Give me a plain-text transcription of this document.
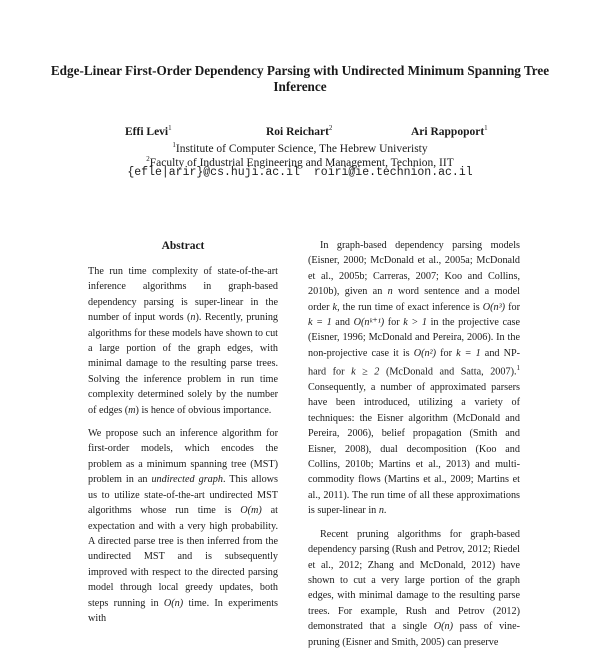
Edge-Linear First-Order Dependency Parsing with Undirected Minimum Spanning Tree Inference
Effi Levi$^1$	Roi Reichart$^2$	Ari Rappoport$^1$
$^1$Institute of Computer Science, The Hebrew Univeristy
$^2$Faculty of Industrial Engineering and Management, Technion, IIT
{efle|arir}@cs.huji.ac.il roiri@ie.technion.ac.il
Abstract

The run time complexity of state-of-the-art inference algorithms in graph-based dependency parsing is super-linear in the number of input words (n). Recently, pruning algorithms for these models have shown to cut a large portion of the graph edges, with minimal damage to the resulting parse trees. Solving the inference problem in run time complexity determined solely by the number of edges (m) is hence of obvious importance.

We propose such an inference algorithm for first-order models, which encodes the problem as a minimum spanning tree (MST) problem in an undirected graph. This allows us to utilize state-of-the-art undirected MST algorithms whose run time is O(m) at expectation and with a very high probability. A directed parse tree is then inferred from the undirected MST and is subsequently improved with respect to the directed parsing model through local greedy updates, both steps running in O(n) time. In experiments with

In graph-based dependency parsing models (Eisner, 2000; McDonald et al., 2005a; McDonald et al., 2005b; Carreras, 2007; Koo and Collins, 2010b), given an n word sentence and a model order k, the run time of exact inference is O(n³) for k = 1 and O(nᵏ⁺¹) for k > 1 in the projective case (Eisner, 1996; McDonald and Pereira, 2006). In the non-projective case it is O(n²) for k = 1 and NP-hard for k ≥ 2 (McDonald and Satta, 2007).$^1$ Consequently, a number of approximated parsers have been introduced, utilizing a variety of techniques: the Eisner algorithm (McDonald and Pereira, 2006), belief propagation (Smith and Eisner, 2008), dual decomposition (Koo and Collins, 2010b; Martins et al., 2013) and multi-commodity flows (Martins et al., 2009; Martins et al., 2011). The run time of all these approximations is super-linear in n.

Recent pruning algorithms for graph-based dependency parsing (Rush and Petrov, 2012; Riedel et al., 2012; Zhang and McDonald, 2012) have shown to cut a very large portion of the graph edges, with minimal damage to the resulting parse trees. For example, Rush and Petrov (2012) demonstrated that a single O(n) pass of vine-pruning (Eisner and Smith, 2005) can preserve
